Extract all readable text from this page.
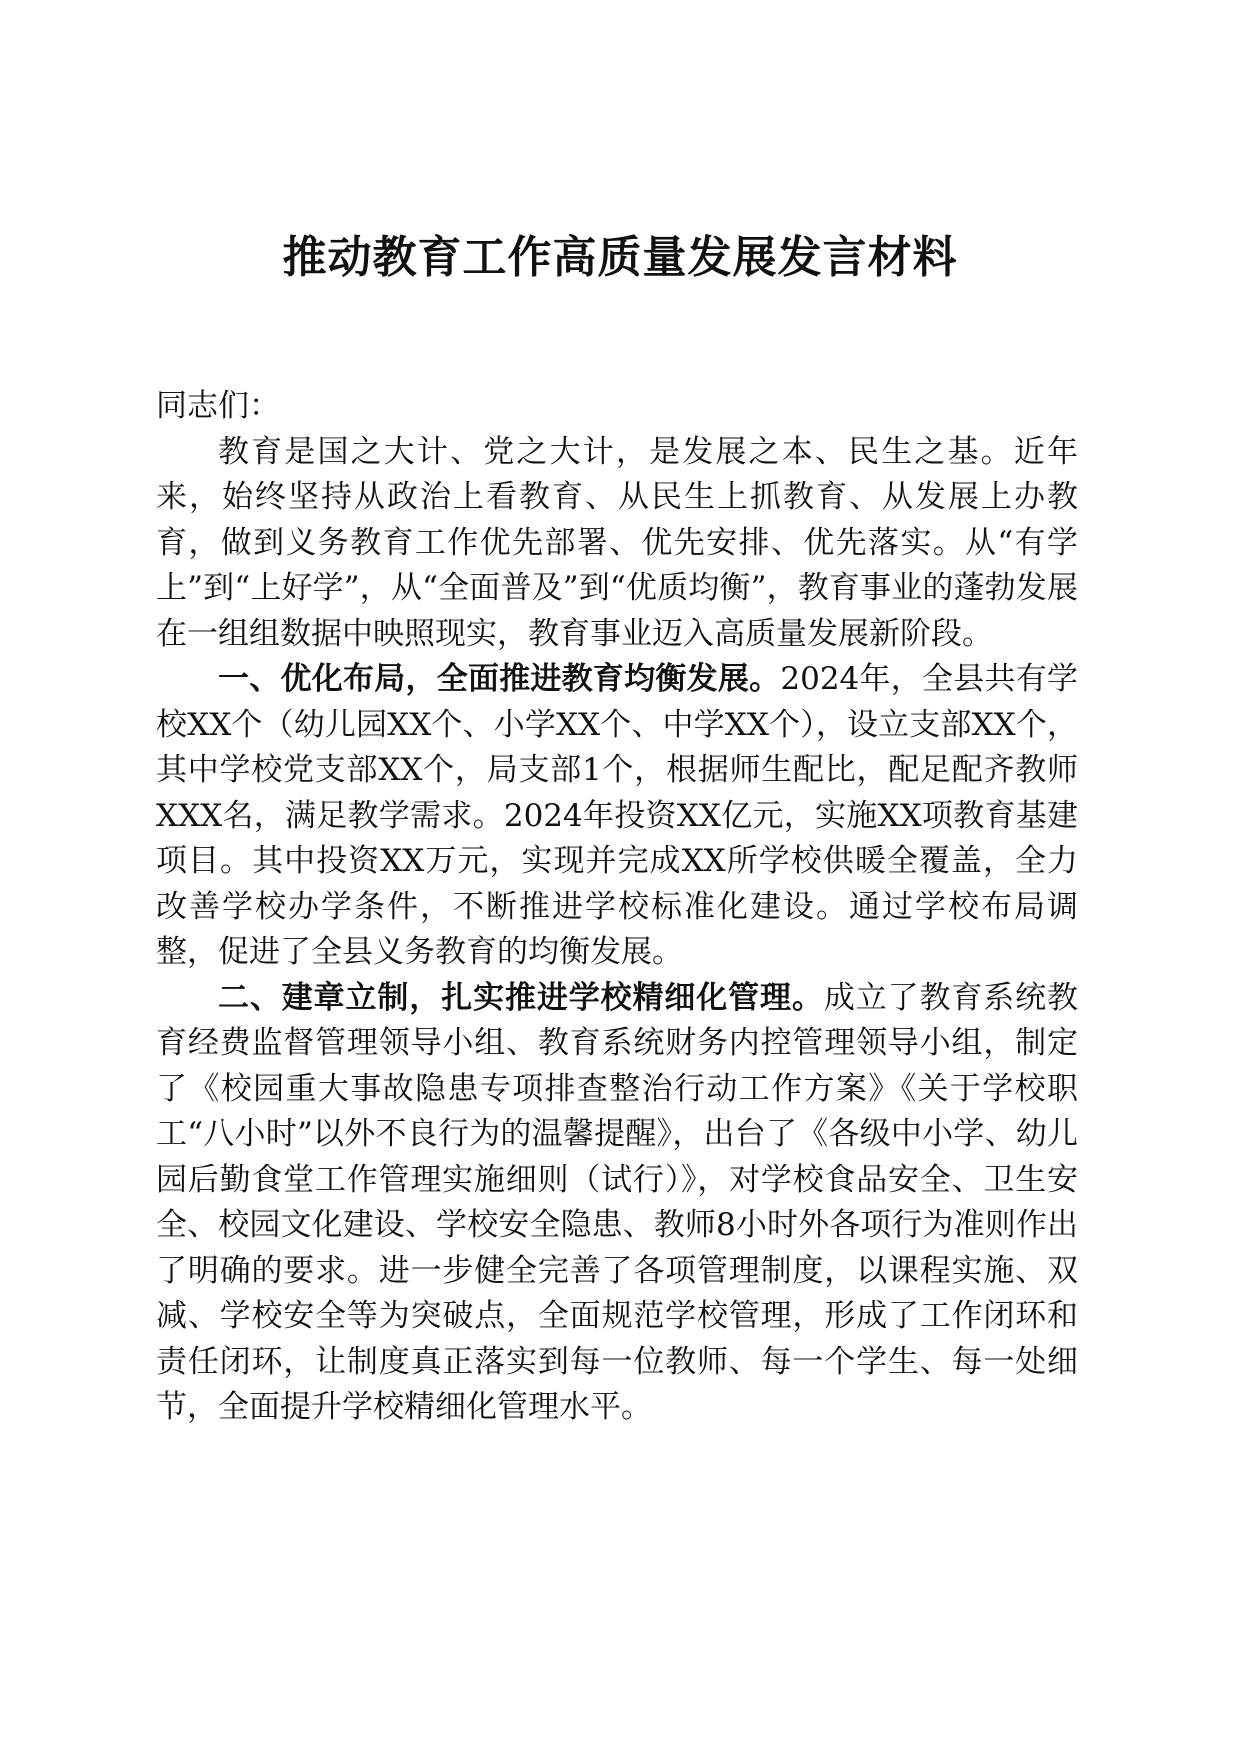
推动教育工作高质量发展发言材料

同志们：

教育是国之大计、党之大计，是发展之本、民生之基。近年来，始终坚持从政治上看教育、从民生上抓教育、从发展上办教育，做到义务教育工作优先部署、优先安排、优先落实。从“有学上”到“上好学”，从“全面普及”到“优质均衡”，教育事业的蓬勃发展在一组组数据中映照现实，教育事业迈入高质量发展新阶段。

一、优化布局，全面推进教育均衡发展。2024年，全县共有学校XX个（幼儿园XX个、小学XX个、中学XX个），设立支部XX个，其中学校党支部XX个，局支部1个，根据师生配比，配足配齐教师XXX名，满足教学需求。2024年投资XX亿元，实施XX项教育基建项目。其中投资XX万元，实现并完成XX所学校供暖全覆盖，全力改善学校办学条件，不断推进学校标准化建设。通过学校布局调整，促进了全县义务教育的均衡发展。

二、建章立制，扎实推进学校精细化管理。成立了教育系统教育经费监督管理领导小组、教育系统财务内控管理领导小组，制定了《校园重大事故隐患专项排查整治行动工作方案》《关于学校职工“八小时”以外不良行为的温馨提醒》，出台了《各级中小学、幼儿园后勤食堂工作管理实施细则（试行）》，对学校食品安全、卫生安全、校园文化建设、学校安全隐患、教师8小时外各项行为准则作出了明确的要求。进一步健全完善了各项管理制度，以课程实施、双减、学校安全等为突破点，全面规范学校管理，形成了工作闭环和责任闭环，让制度真正落实到每一位教师、每一个学生、每一处细节，全面提升学校精细化管理水平。
